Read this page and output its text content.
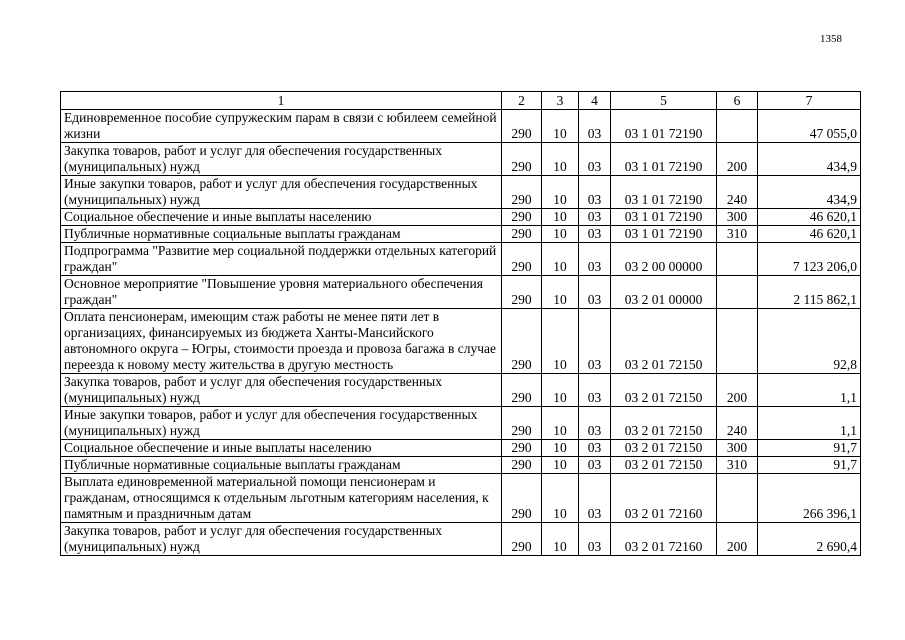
1358
1	2	3	4	5	6	7
Единовременное пособие супружеским парам в связи с юбилеем семейной жизни	290	10	03	03 1 01 72190		47 055,0
Закупка товаров, работ и услуг для обеспечения государственных (муниципальных) нужд	290	10	03	03 1 01 72190	200	434,9
Иные закупки товаров, работ и услуг для обеспечения государственных (муниципальных) нужд	290	10	03	03 1 01 72190	240	434,9
Социальное обеспечение и иные выплаты населению	290	10	03	03 1 01 72190	300	46 620,1
Публичные нормативные социальные выплаты гражданам	290	10	03	03 1 01 72190	310	46 620,1
Подпрограмма "Развитие мер социальной поддержки отдельных категорий граждан"	290	10	03	03 2 00 00000		7 123 206,0
Основное мероприятие "Повышение уровня материального обеспечения граждан"	290	10	03	03 2 01 00000		2 115 862,1
Оплата пенсионерам, имеющим стаж работы не менее пяти лет в организациях, финансируемых из бюджета Ханты-Мансийского автономного округа – Югры, стоимости проезда и провоза багажа в случае переезда к новому месту жительства в другую местность	290	10	03	03 2 01 72150		92,8
Закупка товаров, работ и услуг для обеспечения государственных (муниципальных) нужд	290	10	03	03 2 01 72150	200	1,1
Иные закупки товаров, работ и услуг для обеспечения государственных (муниципальных) нужд	290	10	03	03 2 01 72150	240	1,1
Социальное обеспечение и иные выплаты населению	290	10	03	03 2 01 72150	300	91,7
Публичные нормативные социальные выплаты гражданам	290	10	03	03 2 01 72150	310	91,7
Выплата единовременной материальной помощи пенсионерам и гражданам, относящимся к отдельным льготным категориям населения, к памятным и праздничным датам	290	10	03	03 2 01 72160		266 396,1
Закупка товаров, работ и услуг для обеспечения государственных (муниципальных) нужд	290	10	03	03 2 01 72160	200	2 690,4
